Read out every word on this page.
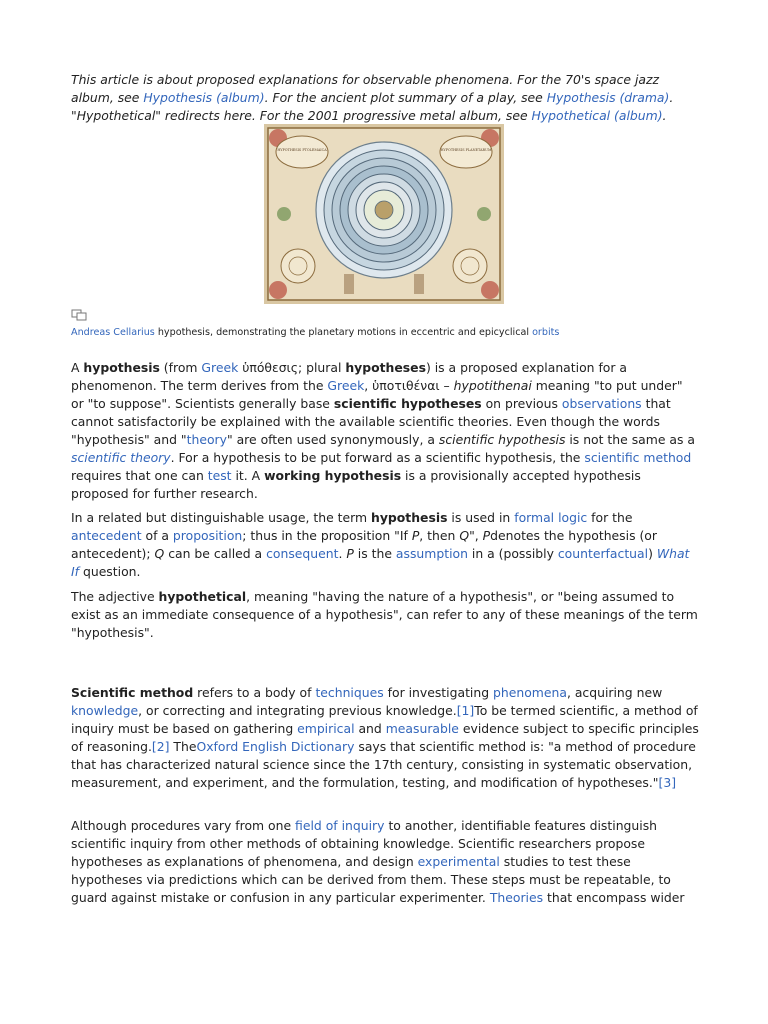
This article is about proposed explanations for observable phenomena. For the 70's space jazz album, see Hypothesis (album). For the ancient plot summary of a play, see Hypothesis (drama).
"Hypothetical" redirects here. For the 2001 progressive metal album, see Hypothetical (album).
HYPOTHESIS PTOLEMAICA	HYPOTHESIS PLANETARUM
Andreas Cellarius hypothesis, demonstrating the planetary motions in eccentric and epicyclical orbits
A hypothesis (from Greek ὑπόθεσις; plural hypotheses) is a proposed explanation for a phenomenon. The term derives from the Greek, ὑποτιθέναι – hypotithenai meaning "to put under" or "to suppose". Scientists generally base scientific hypotheses on previous observations that cannot satisfactorily be explained with the available scientific theories. Even though the words "hypothesis" and "theory" are often used synonymously, a scientific hypothesis is not the same as a scientific theory. For a hypothesis to be put forward as a scientific hypothesis, the scientific method requires that one can test it. A working hypothesis is a provisionally accepted hypothesis proposed for further research.
In a related but distinguishable usage, the term hypothesis is used in formal logic for the antecedent of a proposition; thus in the proposition "If P, then Q", Pdenotes the hypothesis (or antecedent); Q can be called a consequent. P is the assumption in a (possibly counterfactual) What If question.
The adjective hypothetical, meaning "having the nature of a hypothesis", or "being assumed to exist as an immediate consequence of a hypothesis", can refer to any of these meanings of the term "hypothesis".
Scientific method refers to a body of techniques for investigating phenomena, acquiring new knowledge, or correcting and integrating previous knowledge.[1]To be termed scientific, a method of inquiry must be based on gathering empirical and measurable evidence subject to specific principles of reasoning.[2] TheOxford English Dictionary says that scientific method is: "a method of procedure that has characterized natural science since the 17th century, consisting in systematic observation, measurement, and experiment, and the formulation, testing, and modification of hypotheses."[3]
Although procedures vary from one field of inquiry to another, identifiable features distinguish scientific inquiry from other methods of obtaining knowledge. Scientific researchers propose hypotheses as explanations of phenomena, and design experimental studies to test these hypotheses via predictions which can be derived from them. These steps must be repeatable, to guard against mistake or confusion in any particular experimenter. Theories that encompass wider
